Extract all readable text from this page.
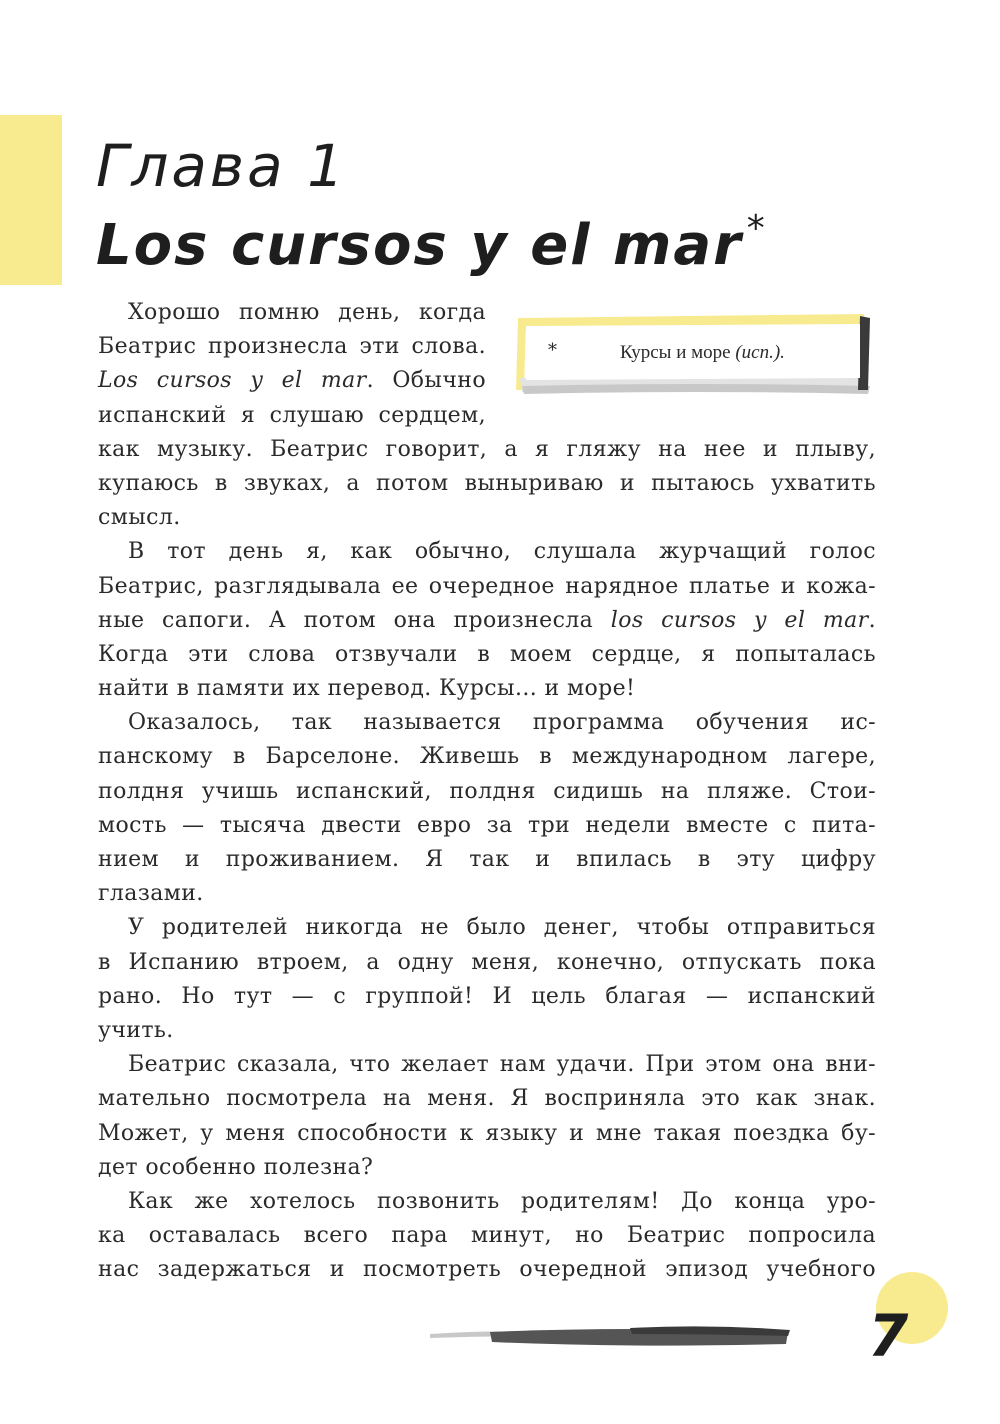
Глава 1
Los cursos y el mar *
*	Курсы и море (исп.).
Хорошо помню день, когда
Беатрис произнесла эти слова.
Los cursos y el mar. Обычно
испанский я слушаю сердцем,
как музыку. Беатрис говорит, а я гляжу на нее и плыву,
купаюсь в звуках, а потом выныриваю и пытаюсь ухватить
смысл.
В тот день я, как обычно, слушала журчащий голос
Беатрис, разглядывала ее очередное нарядное платье и кожа-
ные сапоги. А потом она произнесла los cursos y el mar.
Когда эти слова отзвучали в моем сердце, я попыталась
найти в памяти их перевод. Курсы... и море!
Оказалось, так называется программа обучения ис-
панскому в Барселоне. Живешь в международном лагере,
полдня учишь испанский, полдня сидишь на пляже. Стои-
мость — тысяча двести евро за три недели вместе с пита-
нием и проживанием. Я так и впилась в эту цифру
глазами.
У родителей никогда не было денег, чтобы отправиться
в Испанию втроем, а одну меня, конечно, отпускать пока
рано. Но тут — с группой! И цель благая — испанский
учить.
Беатрис сказала, что желает нам удачи. При этом она вни-
мательно посмотрела на меня. Я восприняла это как знак.
Может, у меня способности к языку и мне такая поездка бу-
дет особенно полезна?
Как же хотелось позвонить родителям! До конца уро-
ка оставалась всего пара минут, но Беатрис попросила
нас задержаться и посмотреть очередной эпизод учебного
7
